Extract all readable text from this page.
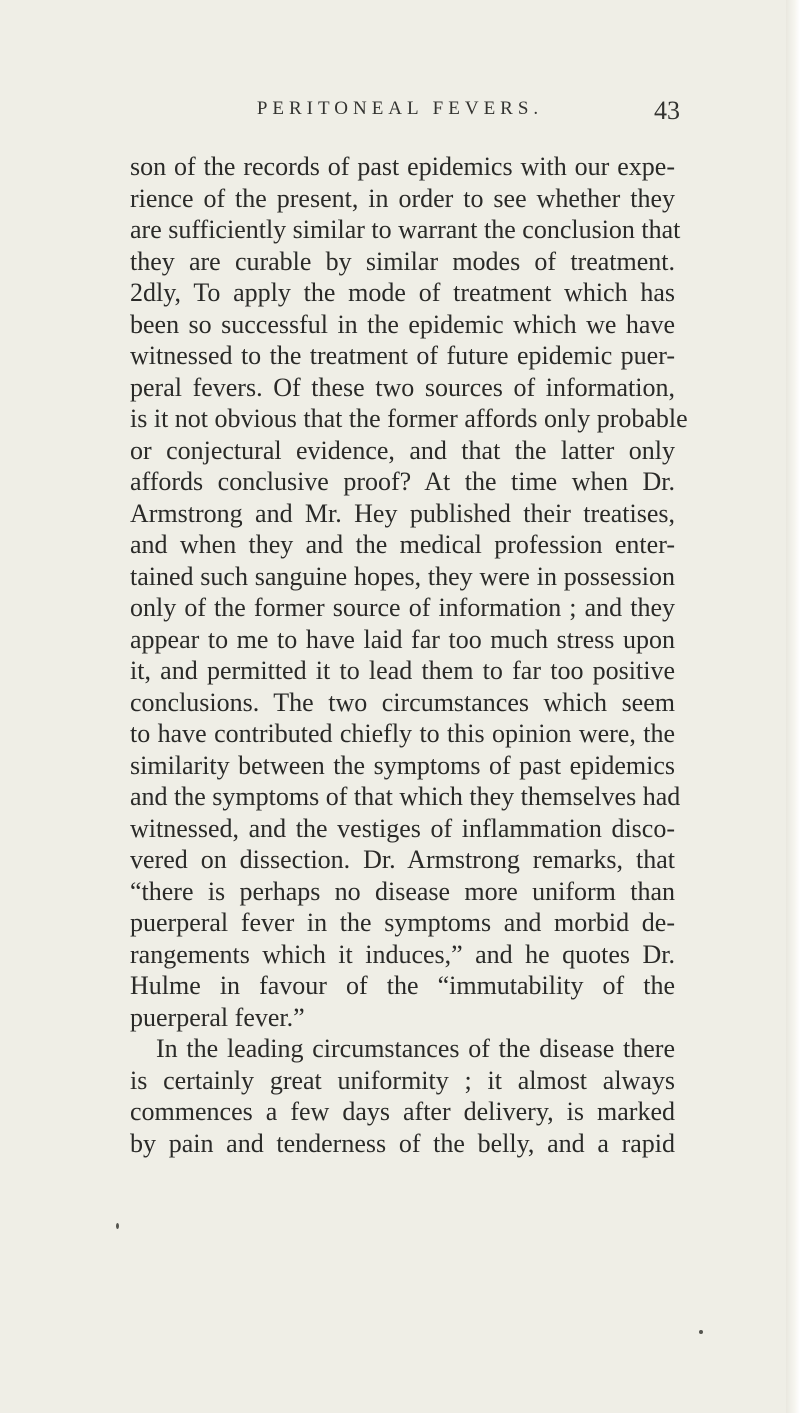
PERITONEAL FEVERS.	43
son of the records of past epidemics with our expe-
rience of the present, in order to see whether they
are sufficiently similar to warrant the conclusion that
they are curable by similar modes of treatment.
2dly, To apply the mode of treatment which has
been so successful in the epidemic which we have
witnessed to the treatment of future epidemic puer-
peral fevers. Of these two sources of information,
is it not obvious that the former affords only probable
or conjectural evidence, and that the latter only
affords conclusive proof? At the time when Dr.
Armstrong and Mr. Hey published their treatises,
and when they and the medical profession enter-
tained such sanguine hopes, they were in possession
only of the former source of information ; and they
appear to me to have laid far too much stress upon
it, and permitted it to lead them to far too positive
conclusions. The two circumstances which seem
to have contributed chiefly to this opinion were, the
similarity between the symptoms of past epidemics
and the symptoms of that which they themselves had
witnessed, and the vestiges of inflammation disco-
vered on dissection. Dr. Armstrong remarks, that
“there is perhaps no disease more uniform than
puerperal fever in the symptoms and morbid de-
rangements which it induces,” and he quotes Dr.
Hulme in favour of the “immutability of the
puerperal fever.”
In the leading circumstances of the disease there
is certainly great uniformity ; it almost always
commences a few days after delivery, is marked
by pain and tenderness of the belly, and a rapid
